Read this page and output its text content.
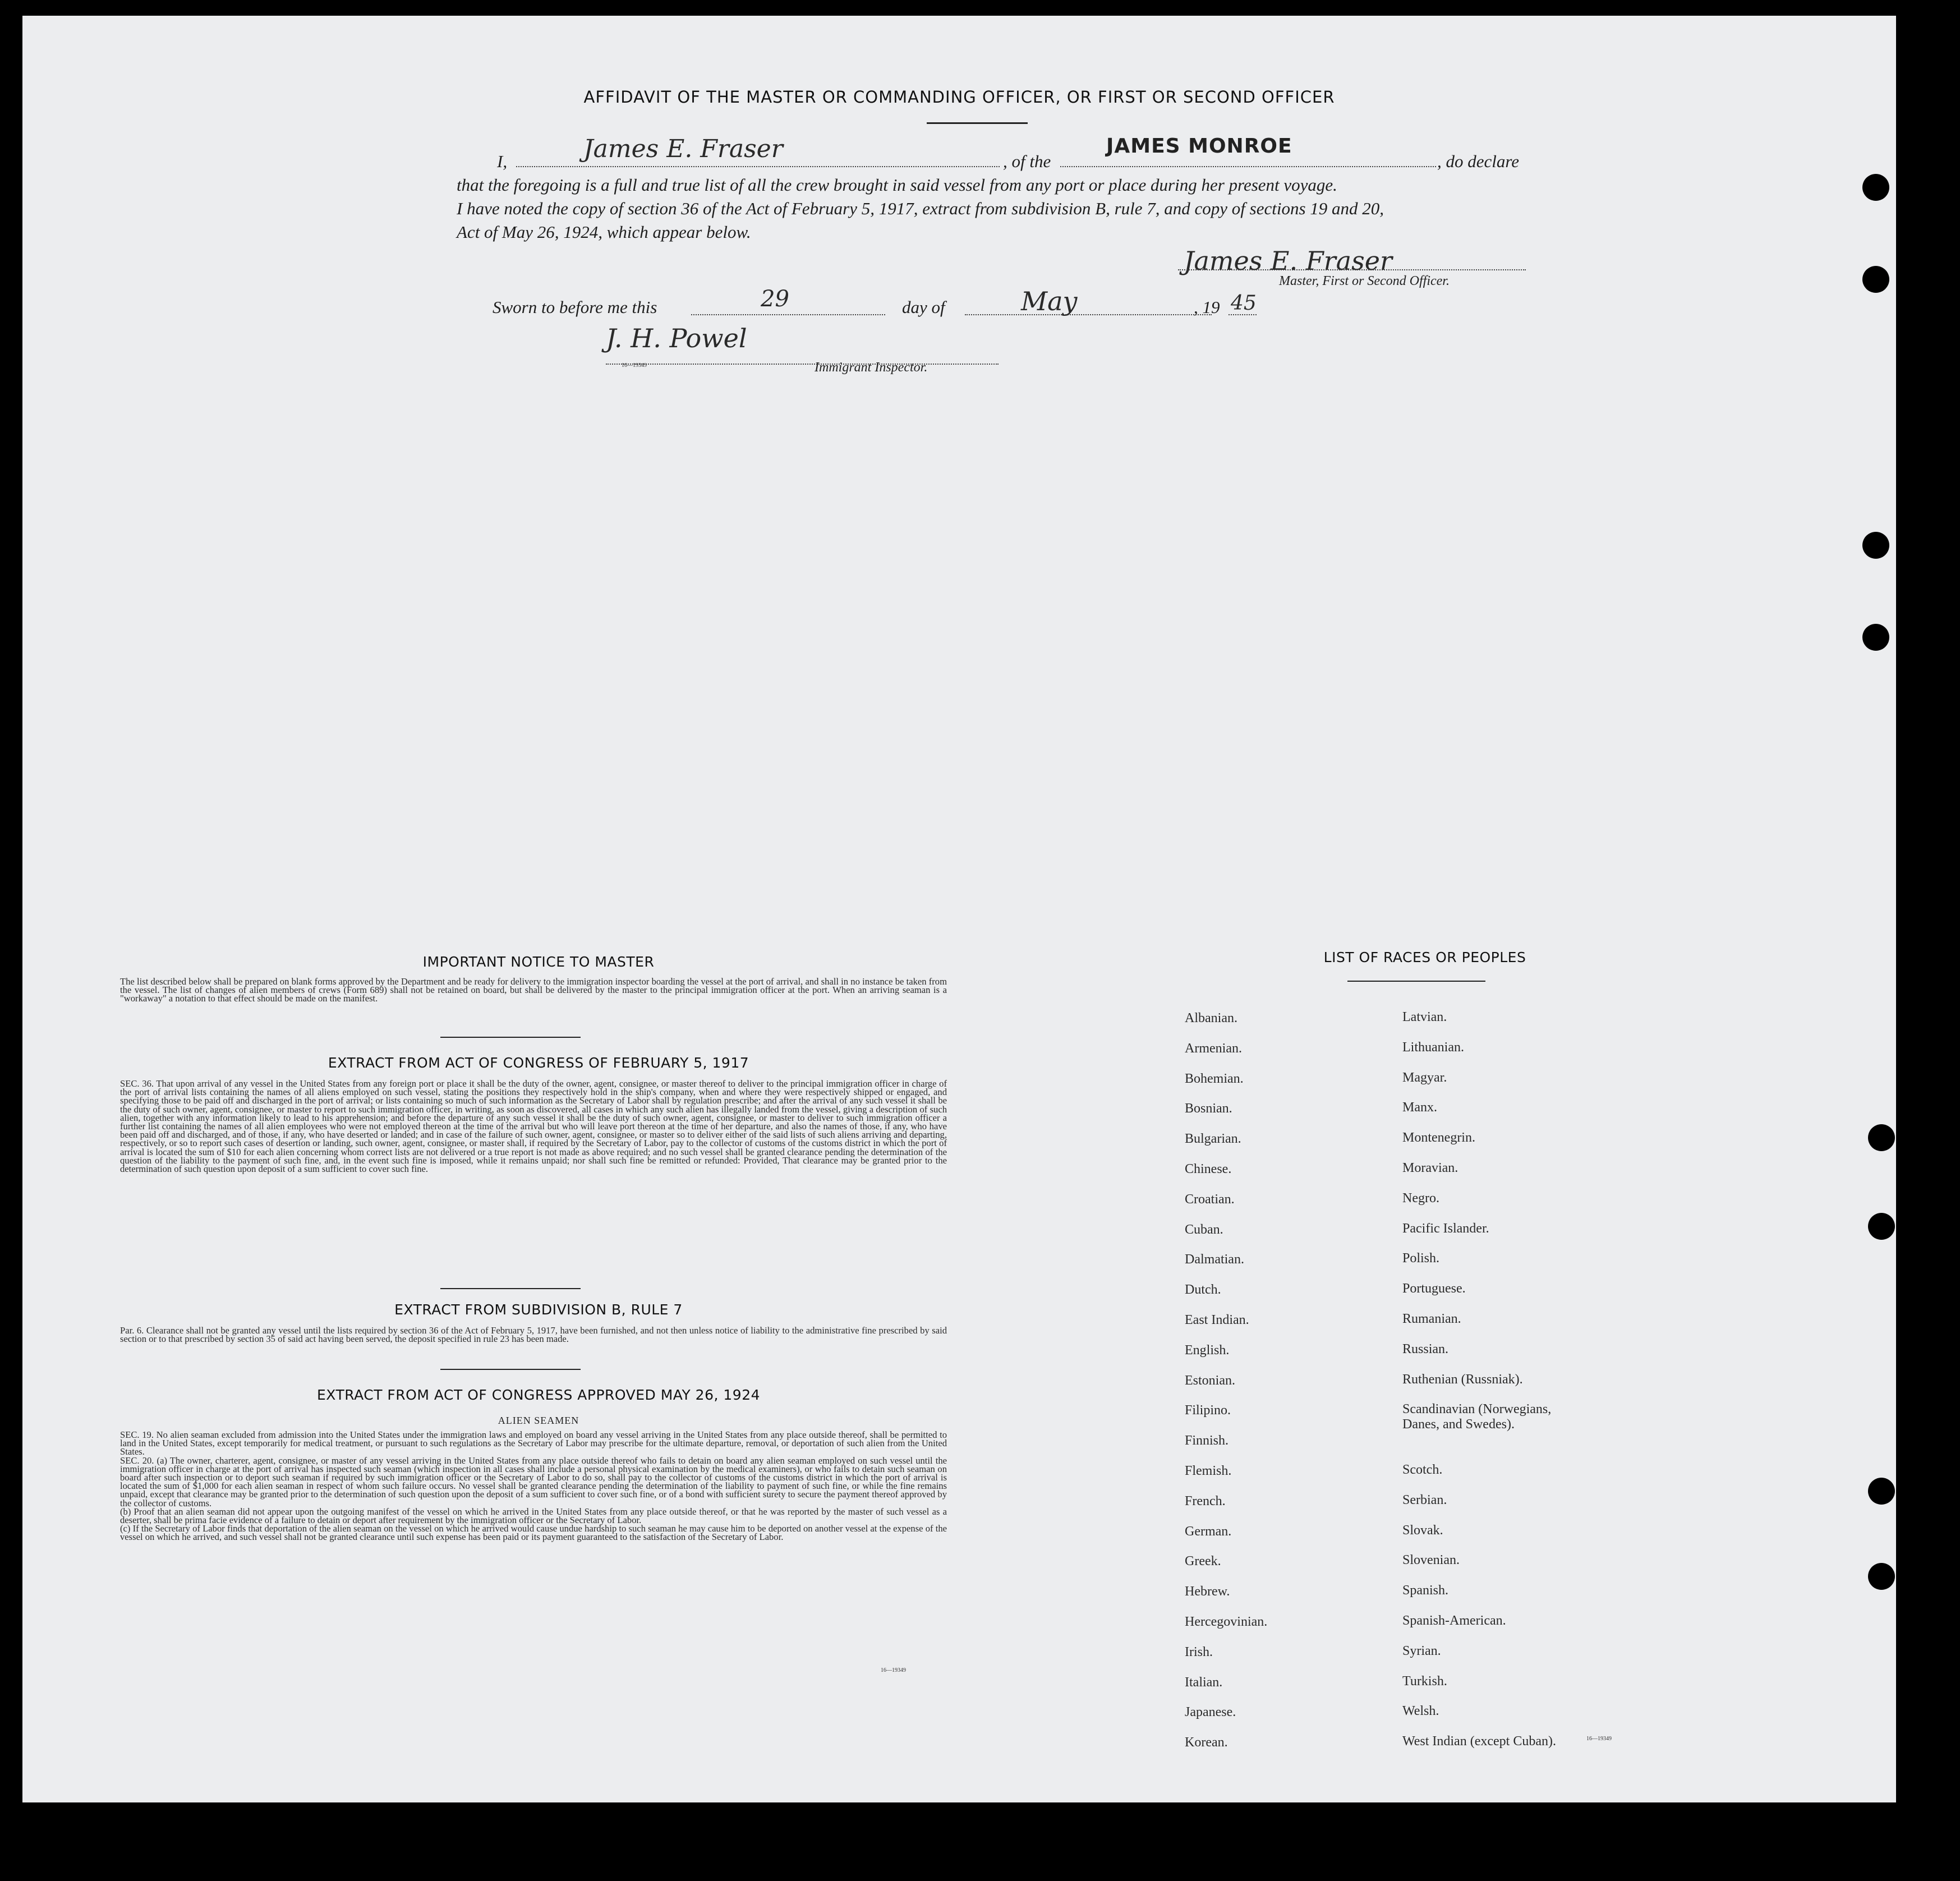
AFFIDAVIT OF THE MASTER OR COMMANDING OFFICER, OR FIRST OR SECOND OFFICER
I,	James E. Fraser	, of the
JAMES MONROE
, do declare
that the foregoing is a full and true list of all the crew brought in said vessel from any port or place during her present voyage.
I have noted the copy of section 36 of the Act of February 5, 1917, extract from subdivision B, rule 7, and copy of sections 19 and 20,
Act of May 26, 1924, which appear below.
James E. Fraser
Master, First or Second Officer.
Sworn to before me this	29	day of	May	, 19 45
J. H. Powel
16—19349	Immigrant Inspector.
IMPORTANT NOTICE TO MASTER
The list described below shall be prepared on blank forms approved by the Department and be ready for delivery to the immigration inspector boarding the vessel at the port of arrival, and shall in no instance be taken from the vessel. The list of changes of alien members of crews (Form 689) shall not be retained on board, but shall be delivered by the master to the principal immigration officer at the port. When an arriving seaman is a "workaway" a notation to that effect should be made on the manifest.
EXTRACT FROM ACT OF CONGRESS OF FEBRUARY 5, 1917
SEC. 36. That upon arrival of any vessel in the United States from any foreign port or place it shall be the duty of the owner, agent, consignee, or master thereof to deliver to the principal immigration officer in charge of the port of arrival lists containing the names of all aliens employed on such vessel, stating the positions they respectively hold in the ship's company, when and where they were respectively shipped or engaged, and specifying those to be paid off and discharged in the port of arrival; or lists containing so much of such information as the Secretary of Labor shall by regulation prescribe; and after the arrival of any such vessel it shall be the duty of such owner, agent, consignee, or master to report to such immigration officer, in writing, as soon as discovered, all cases in which any such alien has illegally landed from the vessel, giving a description of such alien, together with any information likely to lead to his apprehension; and before the departure of any such vessel it shall be the duty of such owner, agent, consignee, or master to deliver to such immigration officer a further list containing the names of all alien employees who were not employed thereon at the time of the arrival but who will leave port thereon at the time of her departure, and also the names of those, if any, who have been paid off and discharged, and of those, if any, who have deserted or landed; and in case of the failure of such owner, agent, consignee, or master so to deliver either of the said lists of such aliens arriving and departing, respectively, or so to report such cases of desertion or landing, such owner, agent, consignee, or master shall, if required by the Secretary of Labor, pay to the collector of customs of the customs district in which the port of arrival is located the sum of $10 for each alien concerning whom correct lists are not delivered or a true report is not made as above required; and no such vessel shall be granted clearance pending the determination of the question of the liability to the payment of such fine, and, in the event such fine is imposed, while it remains unpaid; nor shall such fine be remitted or refunded: Provided, That clearance may be granted prior to the determination of such question upon deposit of a sum sufficient to cover such fine.
EXTRACT FROM SUBDIVISION B, RULE 7
Par. 6. Clearance shall not be granted any vessel until the lists required by section 36 of the Act of February 5, 1917, have been furnished, and not then unless notice of liability to the administrative fine prescribed by said section or to that prescribed by section 35 of said act having been served, the deposit specified in rule 23 has been made.
EXTRACT FROM ACT OF CONGRESS APPROVED MAY 26, 1924
ALIEN SEAMEN
SEC. 19. No alien seaman excluded from admission into the United States under the immigration laws and employed on board any vessel arriving in the United States from any place outside thereof, shall be permitted to land in the United States, except temporarily for medical treatment, or pursuant to such regulations as the Secretary of Labor may prescribe for the ultimate departure, removal, or deportation of such alien from the United States.
SEC. 20. (a) The owner, charterer, agent, consignee, or master of any vessel arriving in the United States from any place outside thereof who fails to detain on board any alien seaman employed on such vessel until the immigration officer in charge at the port of arrival has inspected such seaman (which inspection in all cases shall include a personal physical examination by the medical examiners), or who fails to detain such seaman on board after such inspection or to deport such seaman if required by such immigration officer or the Secretary of Labor to do so, shall pay to the collector of customs of the customs district in which the port of arrival is located the sum of $1,000 for each alien seaman in respect of whom such failure occurs. No vessel shall be granted clearance pending the determination of the liability to payment of such fine, or while the fine remains unpaid, except that clearance may be granted prior to the determination of such question upon the deposit of a sum sufficient to cover such fine, or of a bond with sufficient surety to secure the payment thereof approved by the collector of customs.
(b) Proof that an alien seaman did not appear upon the outgoing manifest of the vessel on which he arrived in the United States from any place outside thereof, or that he was reported by the master of such vessel as a deserter, shall be prima facie evidence of a failure to detain or deport after requirement by the immigration officer or the Secretary of Labor.
(c) If the Secretary of Labor finds that deportation of the alien seaman on the vessel on which he arrived would cause undue hardship to such seaman he may cause him to be deported on another vessel at the expense of the vessel on which he arrived, and such vessel shall not be granted clearance until such expense has been paid or its payment guaranteed to the satisfaction of the Secretary of Labor.
16—19349
LIST OF RACES OR PEOPLES
Albanian.
Armenian.
Bohemian.
Bosnian.
Bulgarian.
Chinese.
Croatian.
Cuban.
Dalmatian.
Dutch.
East Indian.
English.
Estonian.
Filipino.
Finnish.
Flemish.
French.
German.
Greek.
Hebrew.
Hercegovinian.
Irish.
Italian.
Japanese.
Korean.
Latvian.
Lithuanian.
Magyar.
Manx.
Montenegrin.
Moravian.
Negro.
Pacific Islander.
Polish.
Portuguese.
Rumanian.
Russian.
Ruthenian (Russniak).
Scandinavian (Norwegians,
Danes, and Swedes).
Scotch.
Serbian.
Slovak.
Slovenian.
Spanish.
Spanish-American.
Syrian.
Turkish.
Welsh.
West Indian (except Cuban).	16—19349
